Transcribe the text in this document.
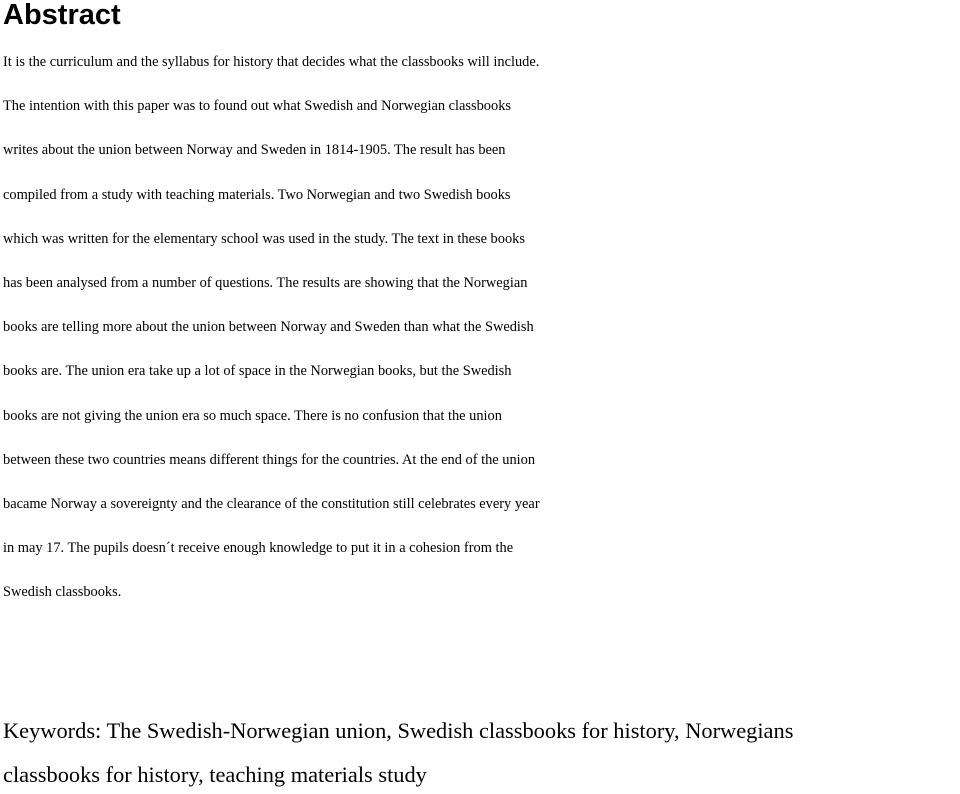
Abstract
It is the curriculum and the syllabus for history that decides what the classbooks will include.
The intention with this paper was to found out what Swedish and Norwegian classbooks
writes about the union between Norway and Sweden in 1814-1905. The result has been
compiled from a study with teaching materials. Two Norwegian and two Swedish books
which was written for the elementary school was used in the study. The text in these books
has been analysed from a number of questions. The results are showing that the Norwegian
books are telling more about the union between Norway and Sweden than what the Swedish
books are. The union era take up a lot of space in the Norwegian books, but the Swedish
books are not giving the union era so much space. There is no confusion that the union
between these two countries means different things for the countries. At the end of the union
bacame Norway a sovereignty and the clearance of the constitution still celebrates every year
in may 17. The pupils doesn´t receive enough knowledge to put it in a cohesion from the
Swedish classbooks.
Keywords: The Swedish-Norwegian union, Swedish classbooks for history, Norwegians
classbooks for history, teaching materials study
